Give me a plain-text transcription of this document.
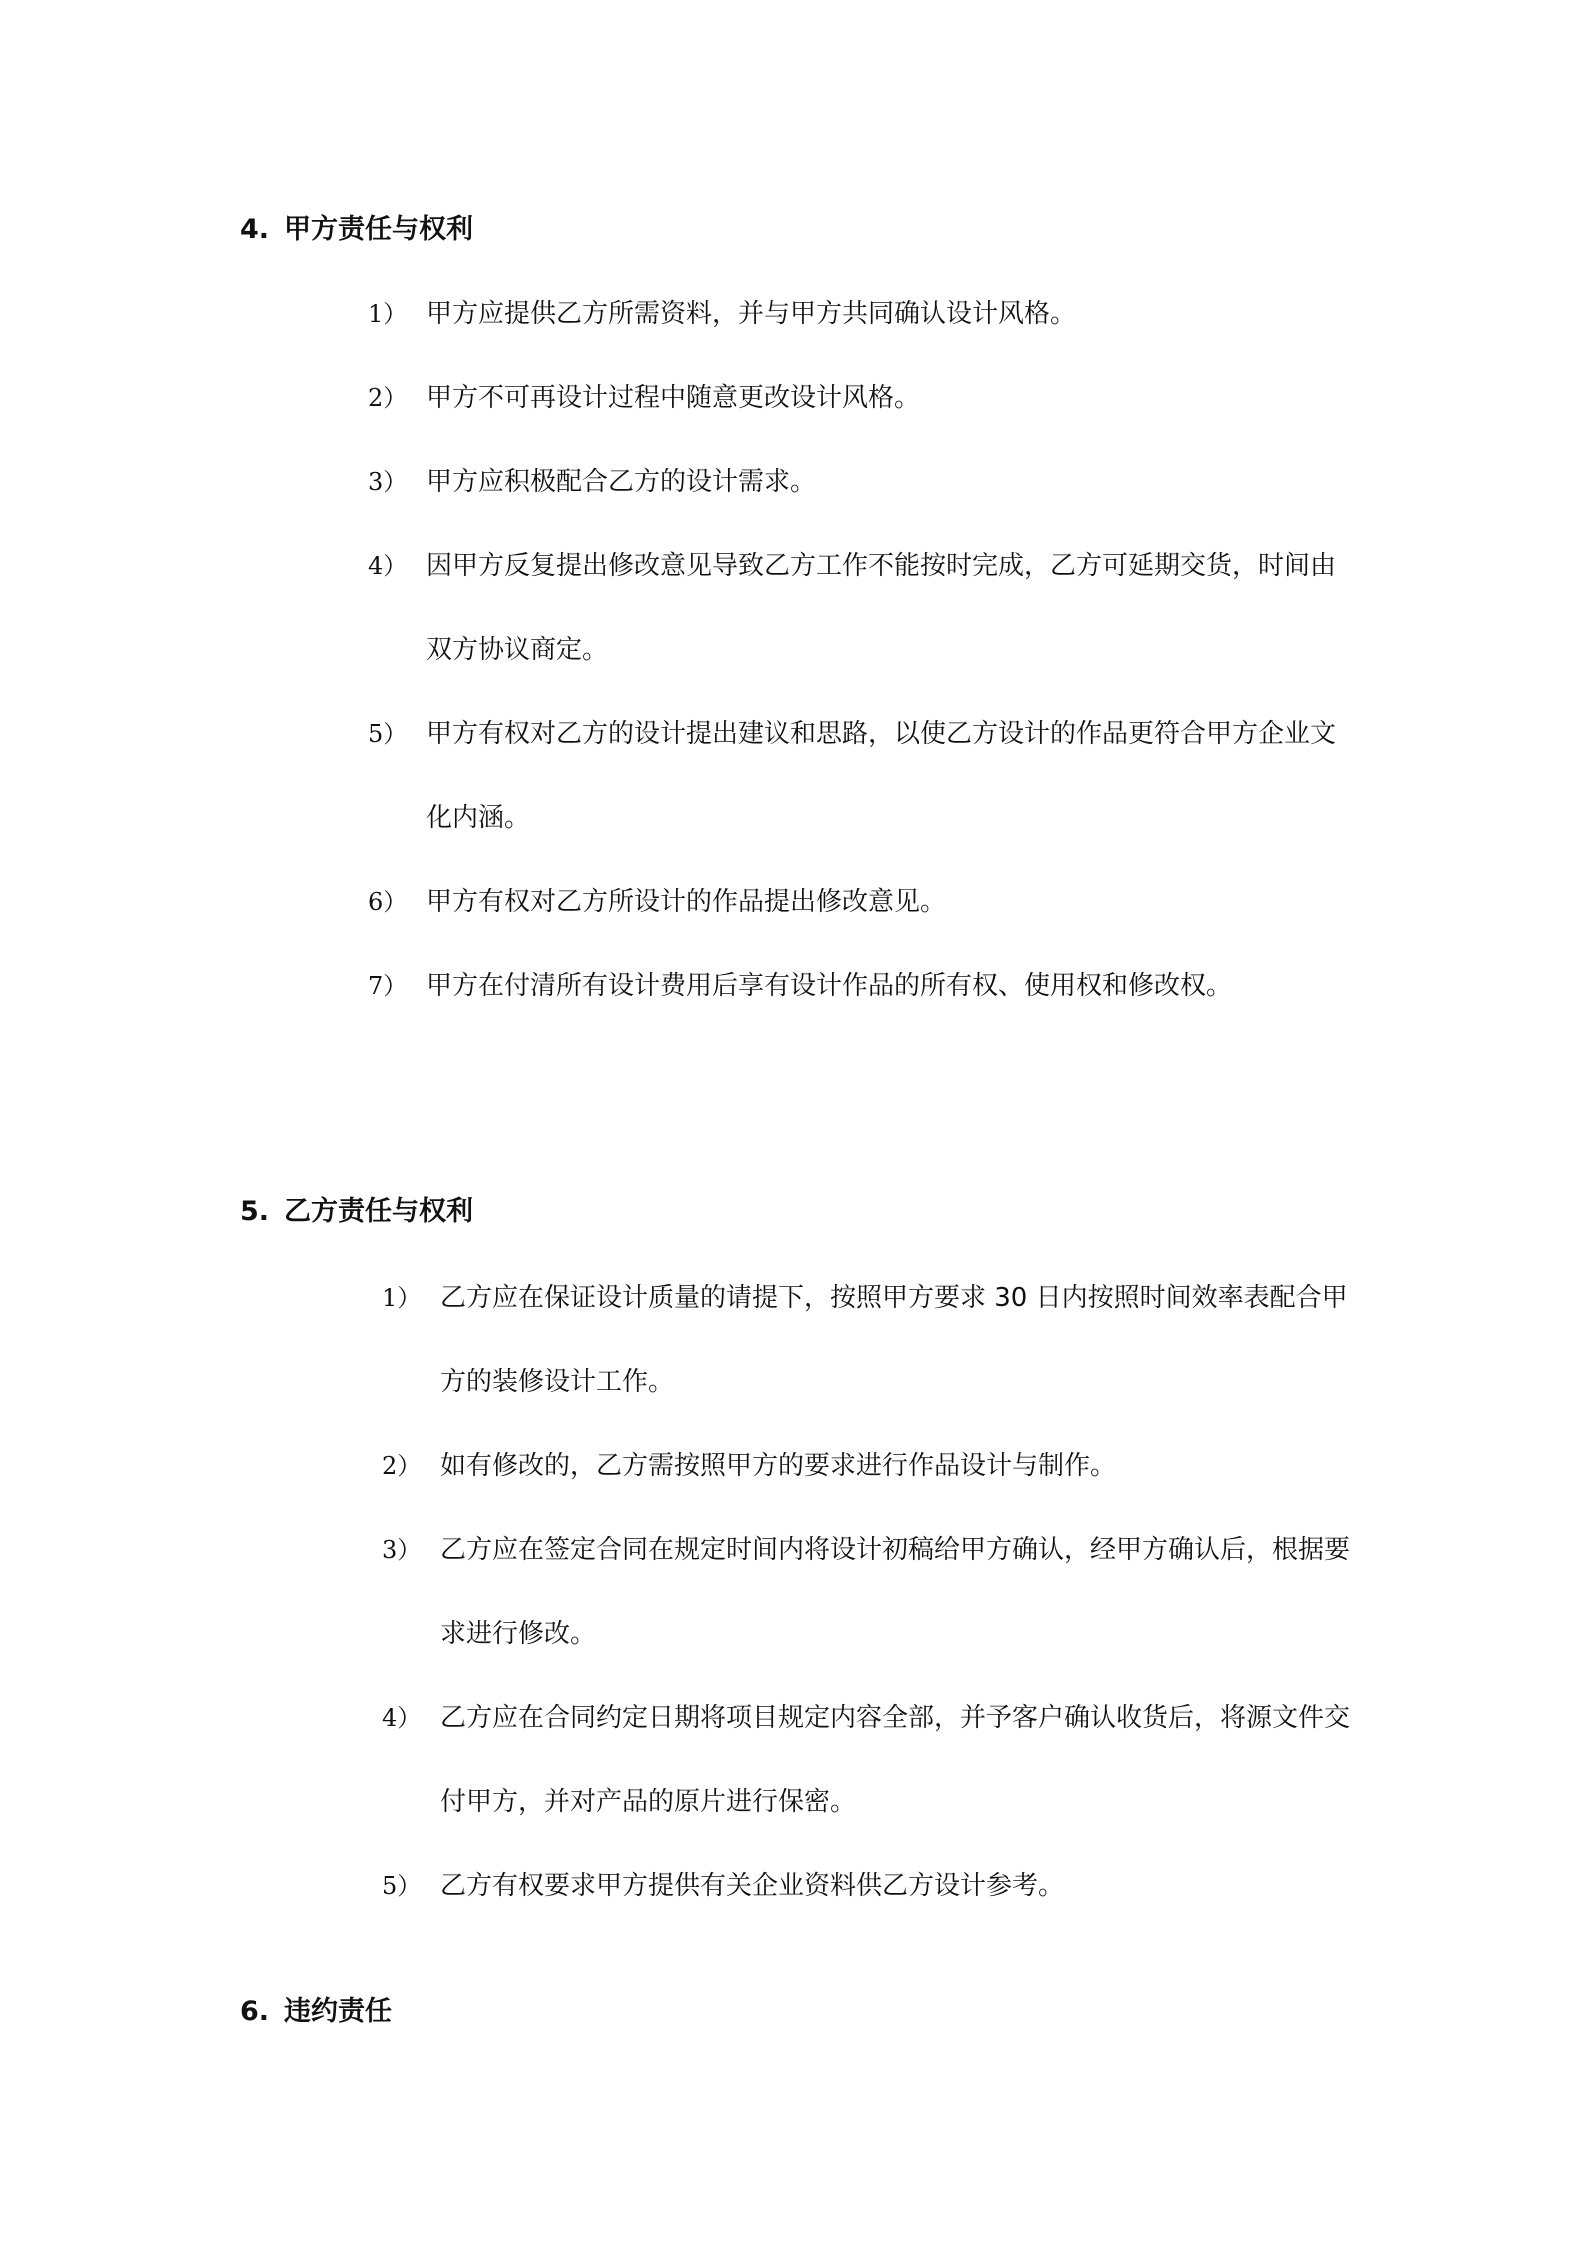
4. 甲方责任与权利
1） 甲方应提供乙方所需资料，并与甲方共同确认设计风格。
2） 甲方不可再设计过程中随意更改设计风格。
3） 甲方应积极配合乙方的设计需求。
4） 因甲方反复提出修改意见导致乙方工作不能按时完成，乙方可延期交货，时间由双方协议商定。
5） 甲方有权对乙方的设计提出建议和思路，以使乙方设计的作品更符合甲方企业文化内涵。
6） 甲方有权对乙方所设计的作品提出修改意见。
7） 甲方在付清所有设计费用后享有设计作品的所有权、使用权和修改权。
5. 乙方责任与权利
1） 乙方应在保证设计质量的请提下，按照甲方要求 30 日内按照时间效率表配合甲方的装修设计工作。
2） 如有修改的，乙方需按照甲方的要求进行作品设计与制作。
3） 乙方应在签定合同在规定时间内将设计初稿给甲方确认，经甲方确认后，根据要求进行修改。
4） 乙方应在合同约定日期将项目规定内容全部，并予客户确认收货后，将源文件交付甲方，并对产品的原片进行保密。
5） 乙方有权要求甲方提供有关企业资料供乙方设计参考。
6. 违约责任
